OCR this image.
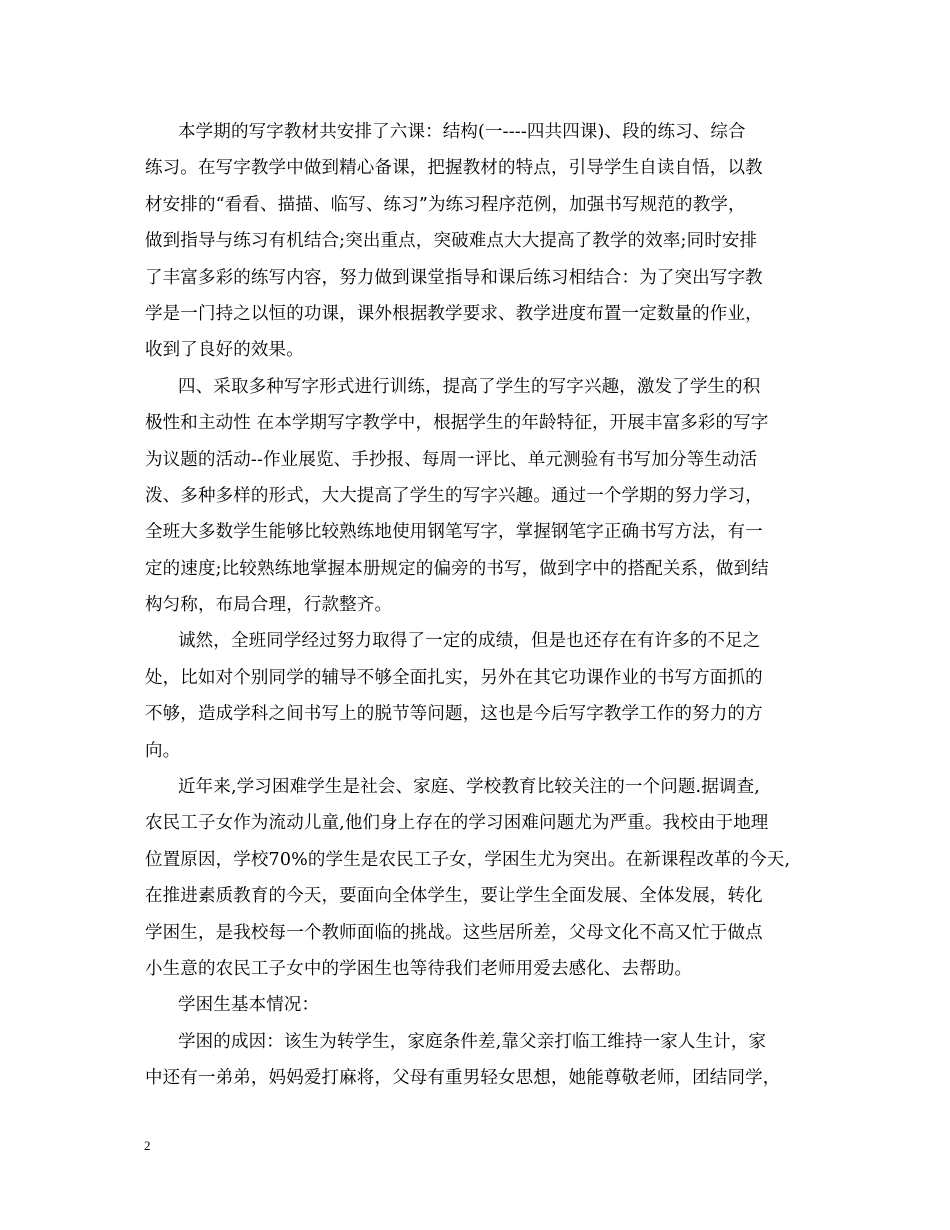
本学期的写字教材共安排了六课：结构(一----四共四课)、段的练习、综合
练习。在写字教学中做到精心备课，把握教材的特点，引导学生自读自悟，以教
材安排的“看看、描描、临写、练习”为练习程序范例，加强书写规范的教学，
做到指导与练习有机结合;突出重点，突破难点大大提高了教学的效率;同时安排
了丰富多彩的练写内容，努力做到课堂指导和课后练习相结合：为了突出写字教
学是一门持之以恒的功课，课外根据教学要求、教学进度布置一定数量的作业，
收到了良好的效果。
四、采取多种写字形式进行训练，提高了学生的写字兴趣，激发了学生的积
极性和主动性 在本学期写字教学中，根据学生的年龄特征，开展丰富多彩的写字
为议题的活动--作业展览、手抄报、每周一评比、单元测验有书写加分等生动活
泼、多种多样的形式，大大提高了学生的写字兴趣。通过一个学期的努力学习，
全班大多数学生能够比较熟练地使用钢笔写字，掌握钢笔字正确书写方法，有一
定的速度;比较熟练地掌握本册规定的偏旁的书写，做到字中的搭配关系，做到结
构匀称，布局合理，行款整齐。
诚然，全班同学经过努力取得了一定的成绩，但是也还存在有许多的不足之
处，比如对个别同学的辅导不够全面扎实，另外在其它功课作业的书写方面抓的
不够，造成学科之间书写上的脱节等问题，这也是今后写字教学工作的努力的方
向。
近年来,学习困难学生是社会、家庭、学校教育比较关注的一个问题.据调查,
农民工子女作为流动儿童,他们身上存在的学习困难问题尤为严重。我校由于地理
位置原因，学校70%的学生是农民工子女，学困生尤为突出。在新课程改革的今天,
在推进素质教育的今天，要面向全体学生，要让学生全面发展、全体发展，转化
学困生，是我校每一个教师面临的挑战。这些居所差，父母文化不高又忙于做点
小生意的农民工子女中的学困生也等待我们老师用爱去感化、去帮助。
学困生基本情况：
学困的成因：该生为转学生，家庭条件差,靠父亲打临工维持一家人生计，家
中还有一弟弟，妈妈爱打麻将，父母有重男轻女思想，她能尊敬老师，团结同学，
2
